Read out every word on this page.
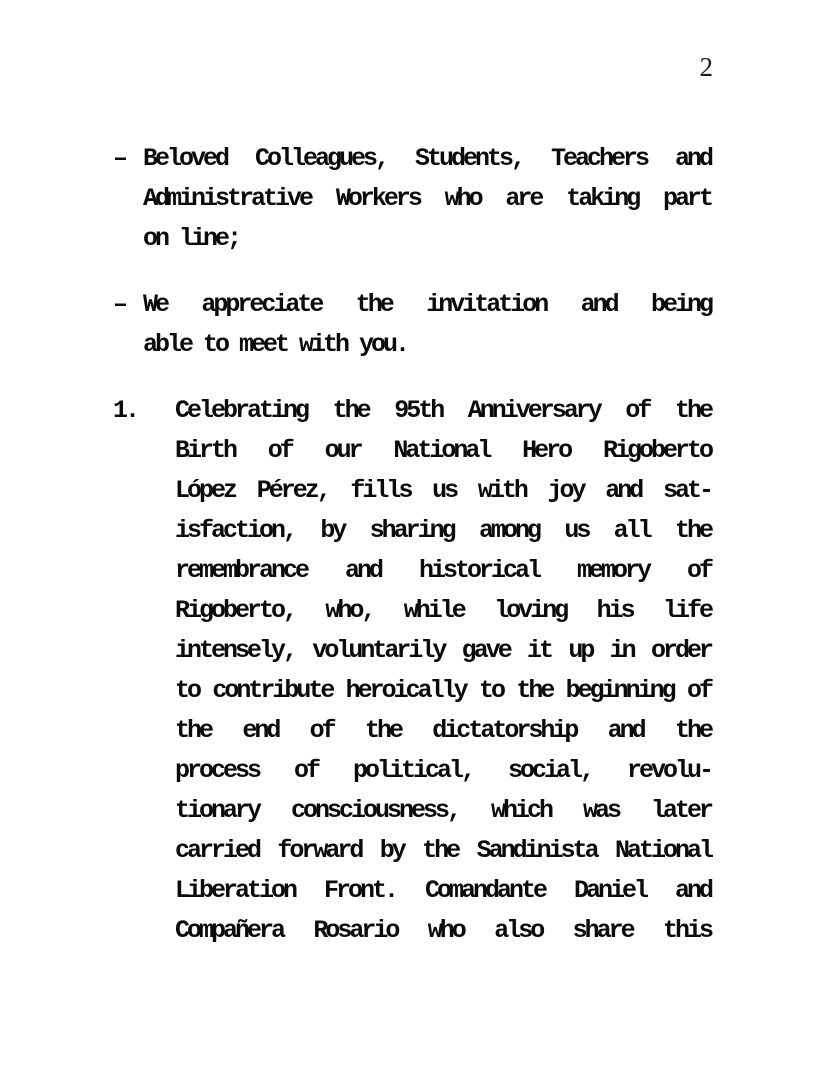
2
– Beloved Colleagues, Students, Teachers and
Administrative Workers who are taking part
on line;
– We appreciate the invitation and being
able to meet with you.
1.	Celebrating the 95th Anniversary of the
Birth of our National Hero Rigoberto
López Pérez, fills us with joy and sat-
isfaction, by sharing among us all the
remembrance and historical memory of
Rigoberto, who, while loving his life
intensely, voluntarily gave it up in order
to contribute heroically to the beginning of
the end of the dictatorship and the
process of political, social, revolu-
tionary consciousness, which was later
carried forward by the Sandinista National
Liberation Front. Comandante Daniel and
Compañera Rosario who also share this
